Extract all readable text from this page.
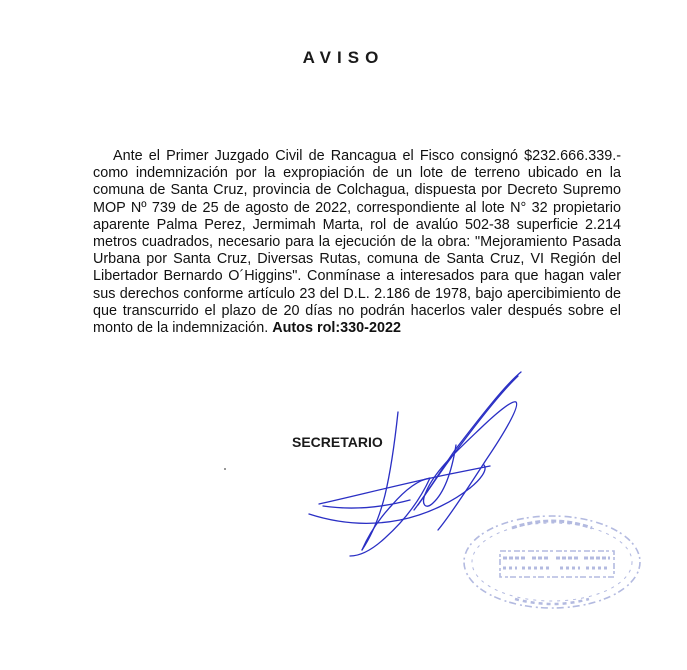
AVISO

Ante el Primer Juzgado Civil de Rancagua el Fisco consignó $232.666.339.- como indemnización por la expropiación de un lote de terreno ubicado en la comuna de Santa Cruz, provincia de Colchagua, dispuesta por Decreto Supremo MOP Nº 739 de 25 de agosto de 2022, correspondiente al lote N° 32 propietario aparente Palma Perez, Jermimah Marta, rol de avalúo 502-38 superficie 2.214 metros cuadrados, necesario para la ejecución de la obra: "Mejoramiento Pasada Urbana por Santa Cruz, Diversas Rutas, comuna de Santa Cruz, VI Región del Libertador Bernardo O´Higgins". Conmínase a interesados para que hagan valer sus derechos conforme artículo 23 del D.L. 2.186 de 1978, bajo apercibimiento de que transcurrido el plazo de 20 días no podrán hacerlos valer después sobre el monto de la indemnización. Autos rol:330-2022

SECRETARIO
